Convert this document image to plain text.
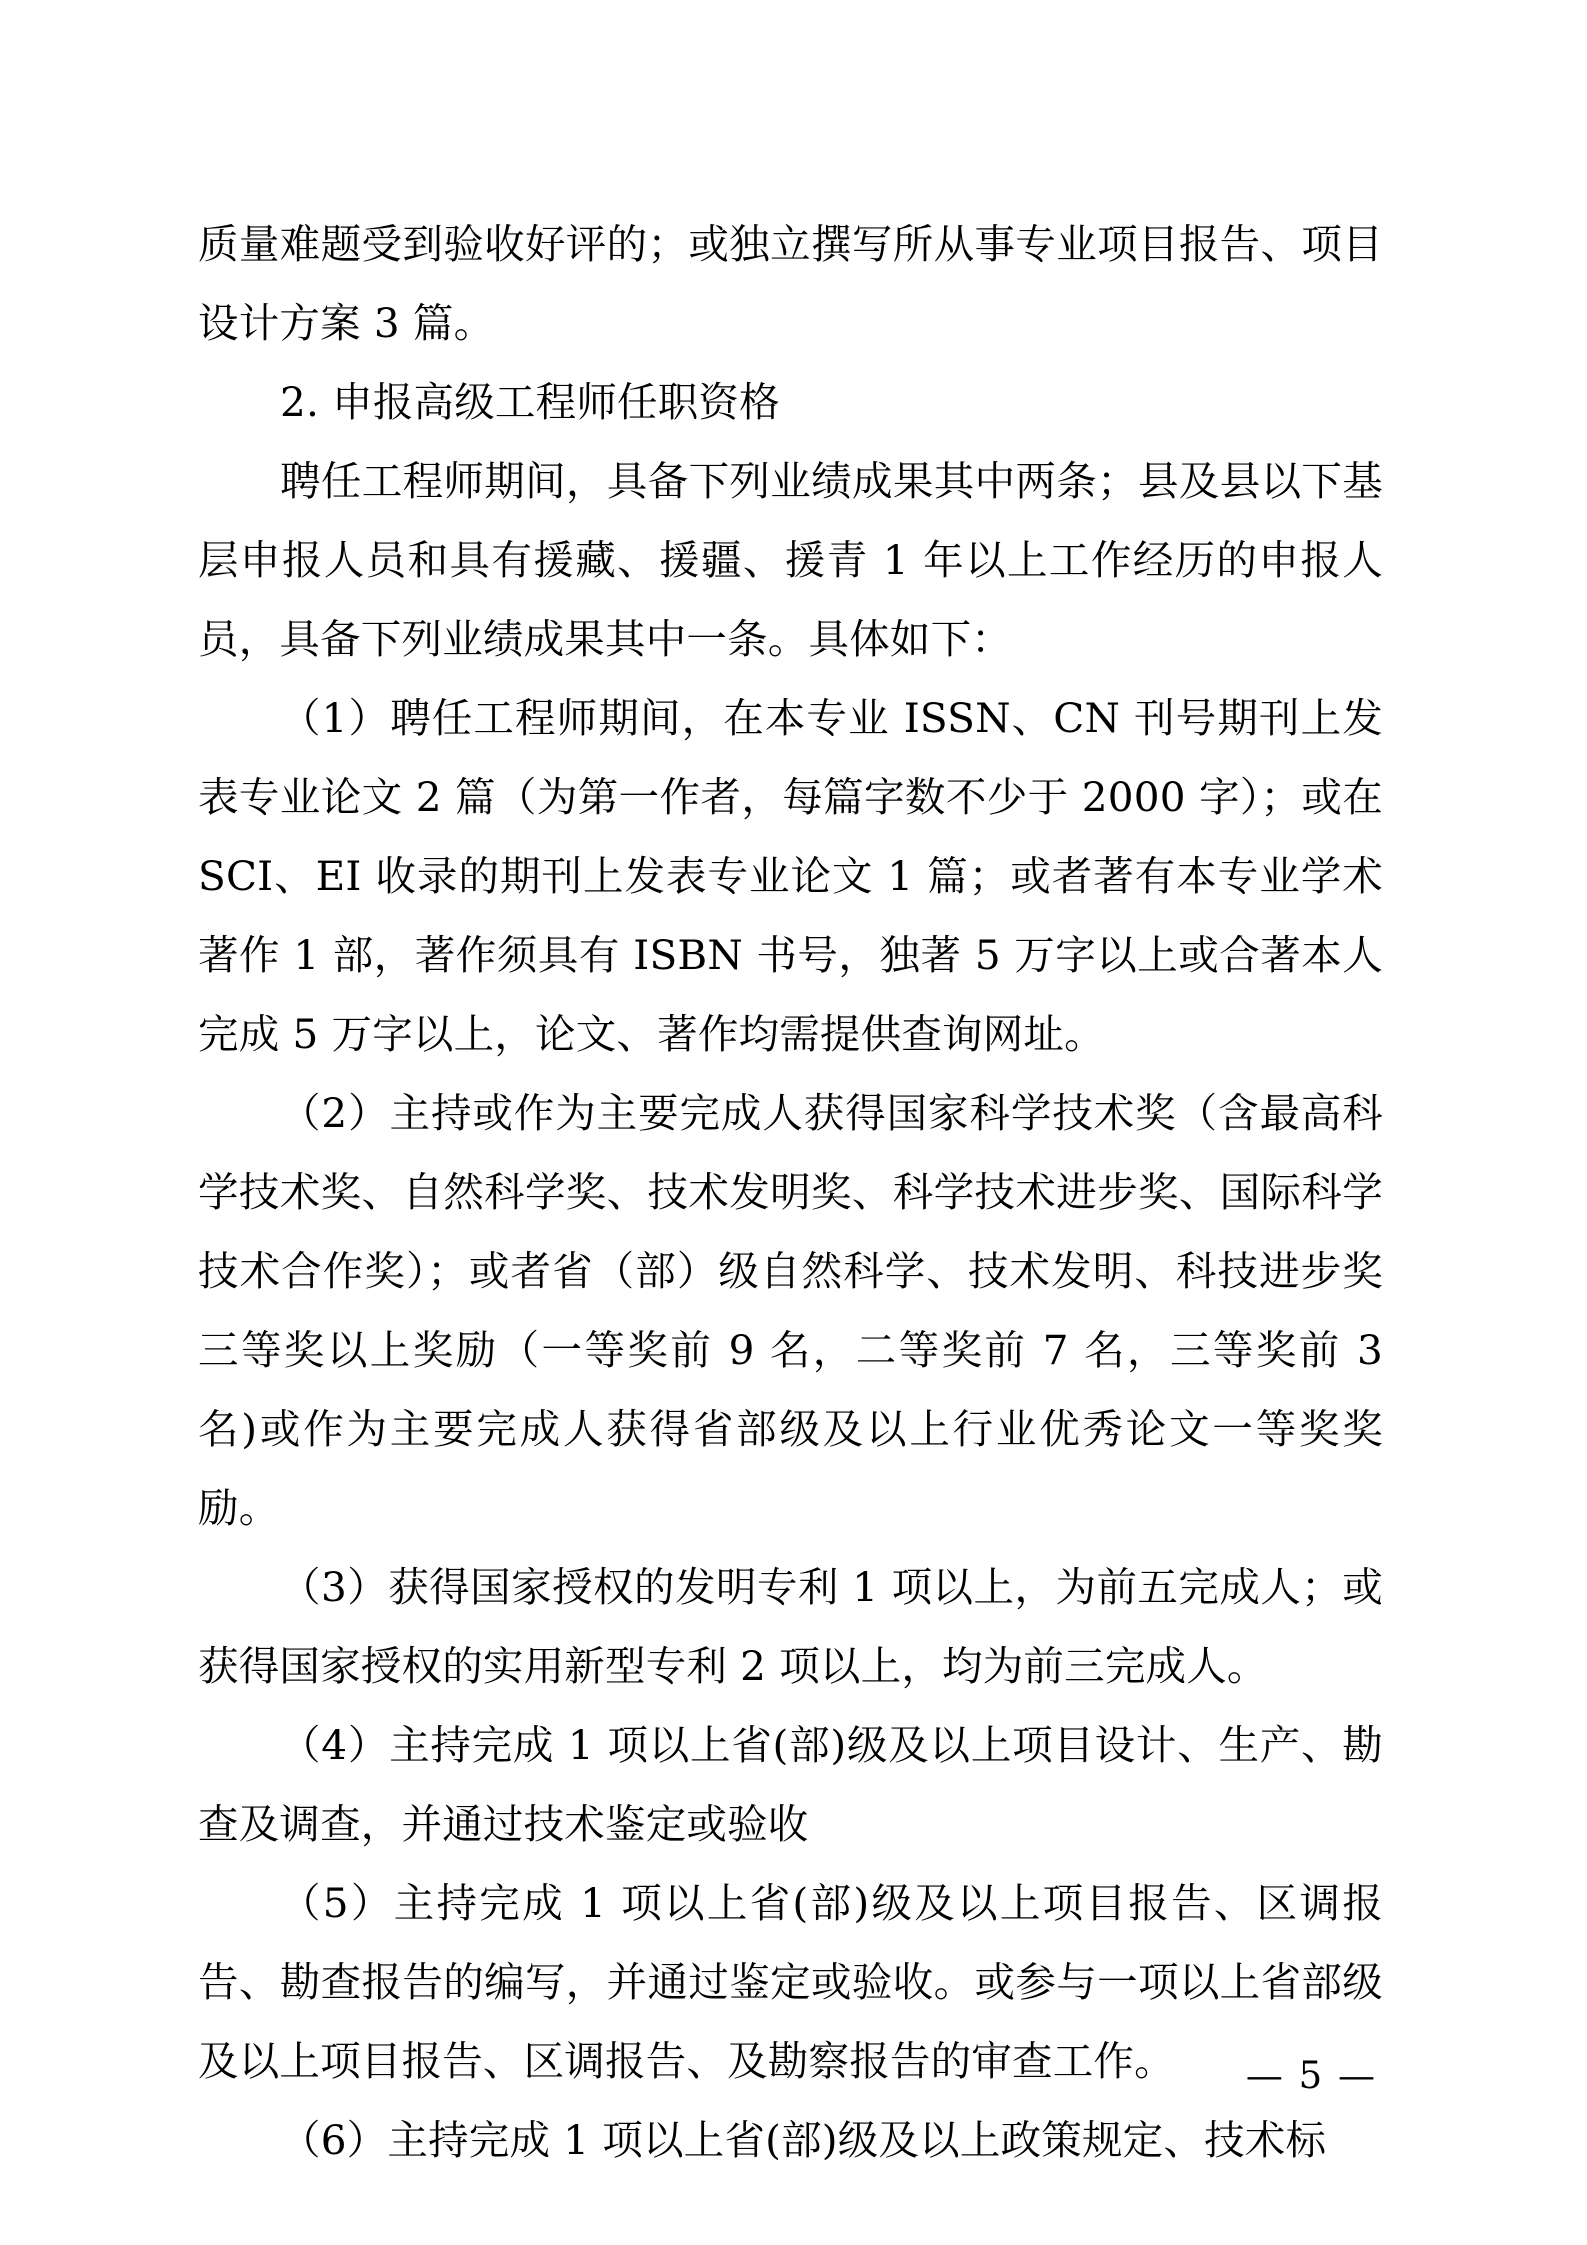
质量难题受到验收好评的；或独立撰写所从事专业项目报告、项目设计方案 3 篇。

2. 申报高级工程师任职资格

聘任工程师期间，具备下列业绩成果其中两条；县及县以下基层申报人员和具有援藏、援疆、援青 1 年以上工作经历的申报人员，具备下列业绩成果其中一条。具体如下：

（1）聘任工程师期间，在本专业 ISSN、CN 刊号期刊上发表专业论文 2 篇（为第一作者，每篇字数不少于 2000 字）；或在 SCI、EI 收录的期刊上发表专业论文 1 篇；或者著有本专业学术著作 1 部，著作须具有 ISBN 书号，独著 5 万字以上或合著本人完成 5 万字以上，论文、著作均需提供查询网址。

（2）主持或作为主要完成人获得国家科学技术奖（含最高科学技术奖、自然科学奖、技术发明奖、科学技术进步奖、国际科学技术合作奖）；或者省（部）级自然科学、技术发明、科技进步奖三等奖以上奖励（一等奖前 9 名，二等奖前 7 名，三等奖前 3 名)或作为主要完成人获得省部级及以上行业优秀论文一等奖奖励。

（3）获得国家授权的发明专利 1 项以上，为前五完成人；或获得国家授权的实用新型专利 2 项以上，均为前三完成人。

（4）主持完成 1 项以上省(部)级及以上项目设计、生产、勘查及调查，并通过技术鉴定或验收

（5）主持完成 1 项以上省(部)级及以上项目报告、区调报告、勘查报告的编写，并通过鉴定或验收。或参与一项以上省部级及以上项目报告、区调报告、及勘察报告的审查工作。

（6）主持完成 1 项以上省(部)级及以上政策规定、技术标

— 5 —
